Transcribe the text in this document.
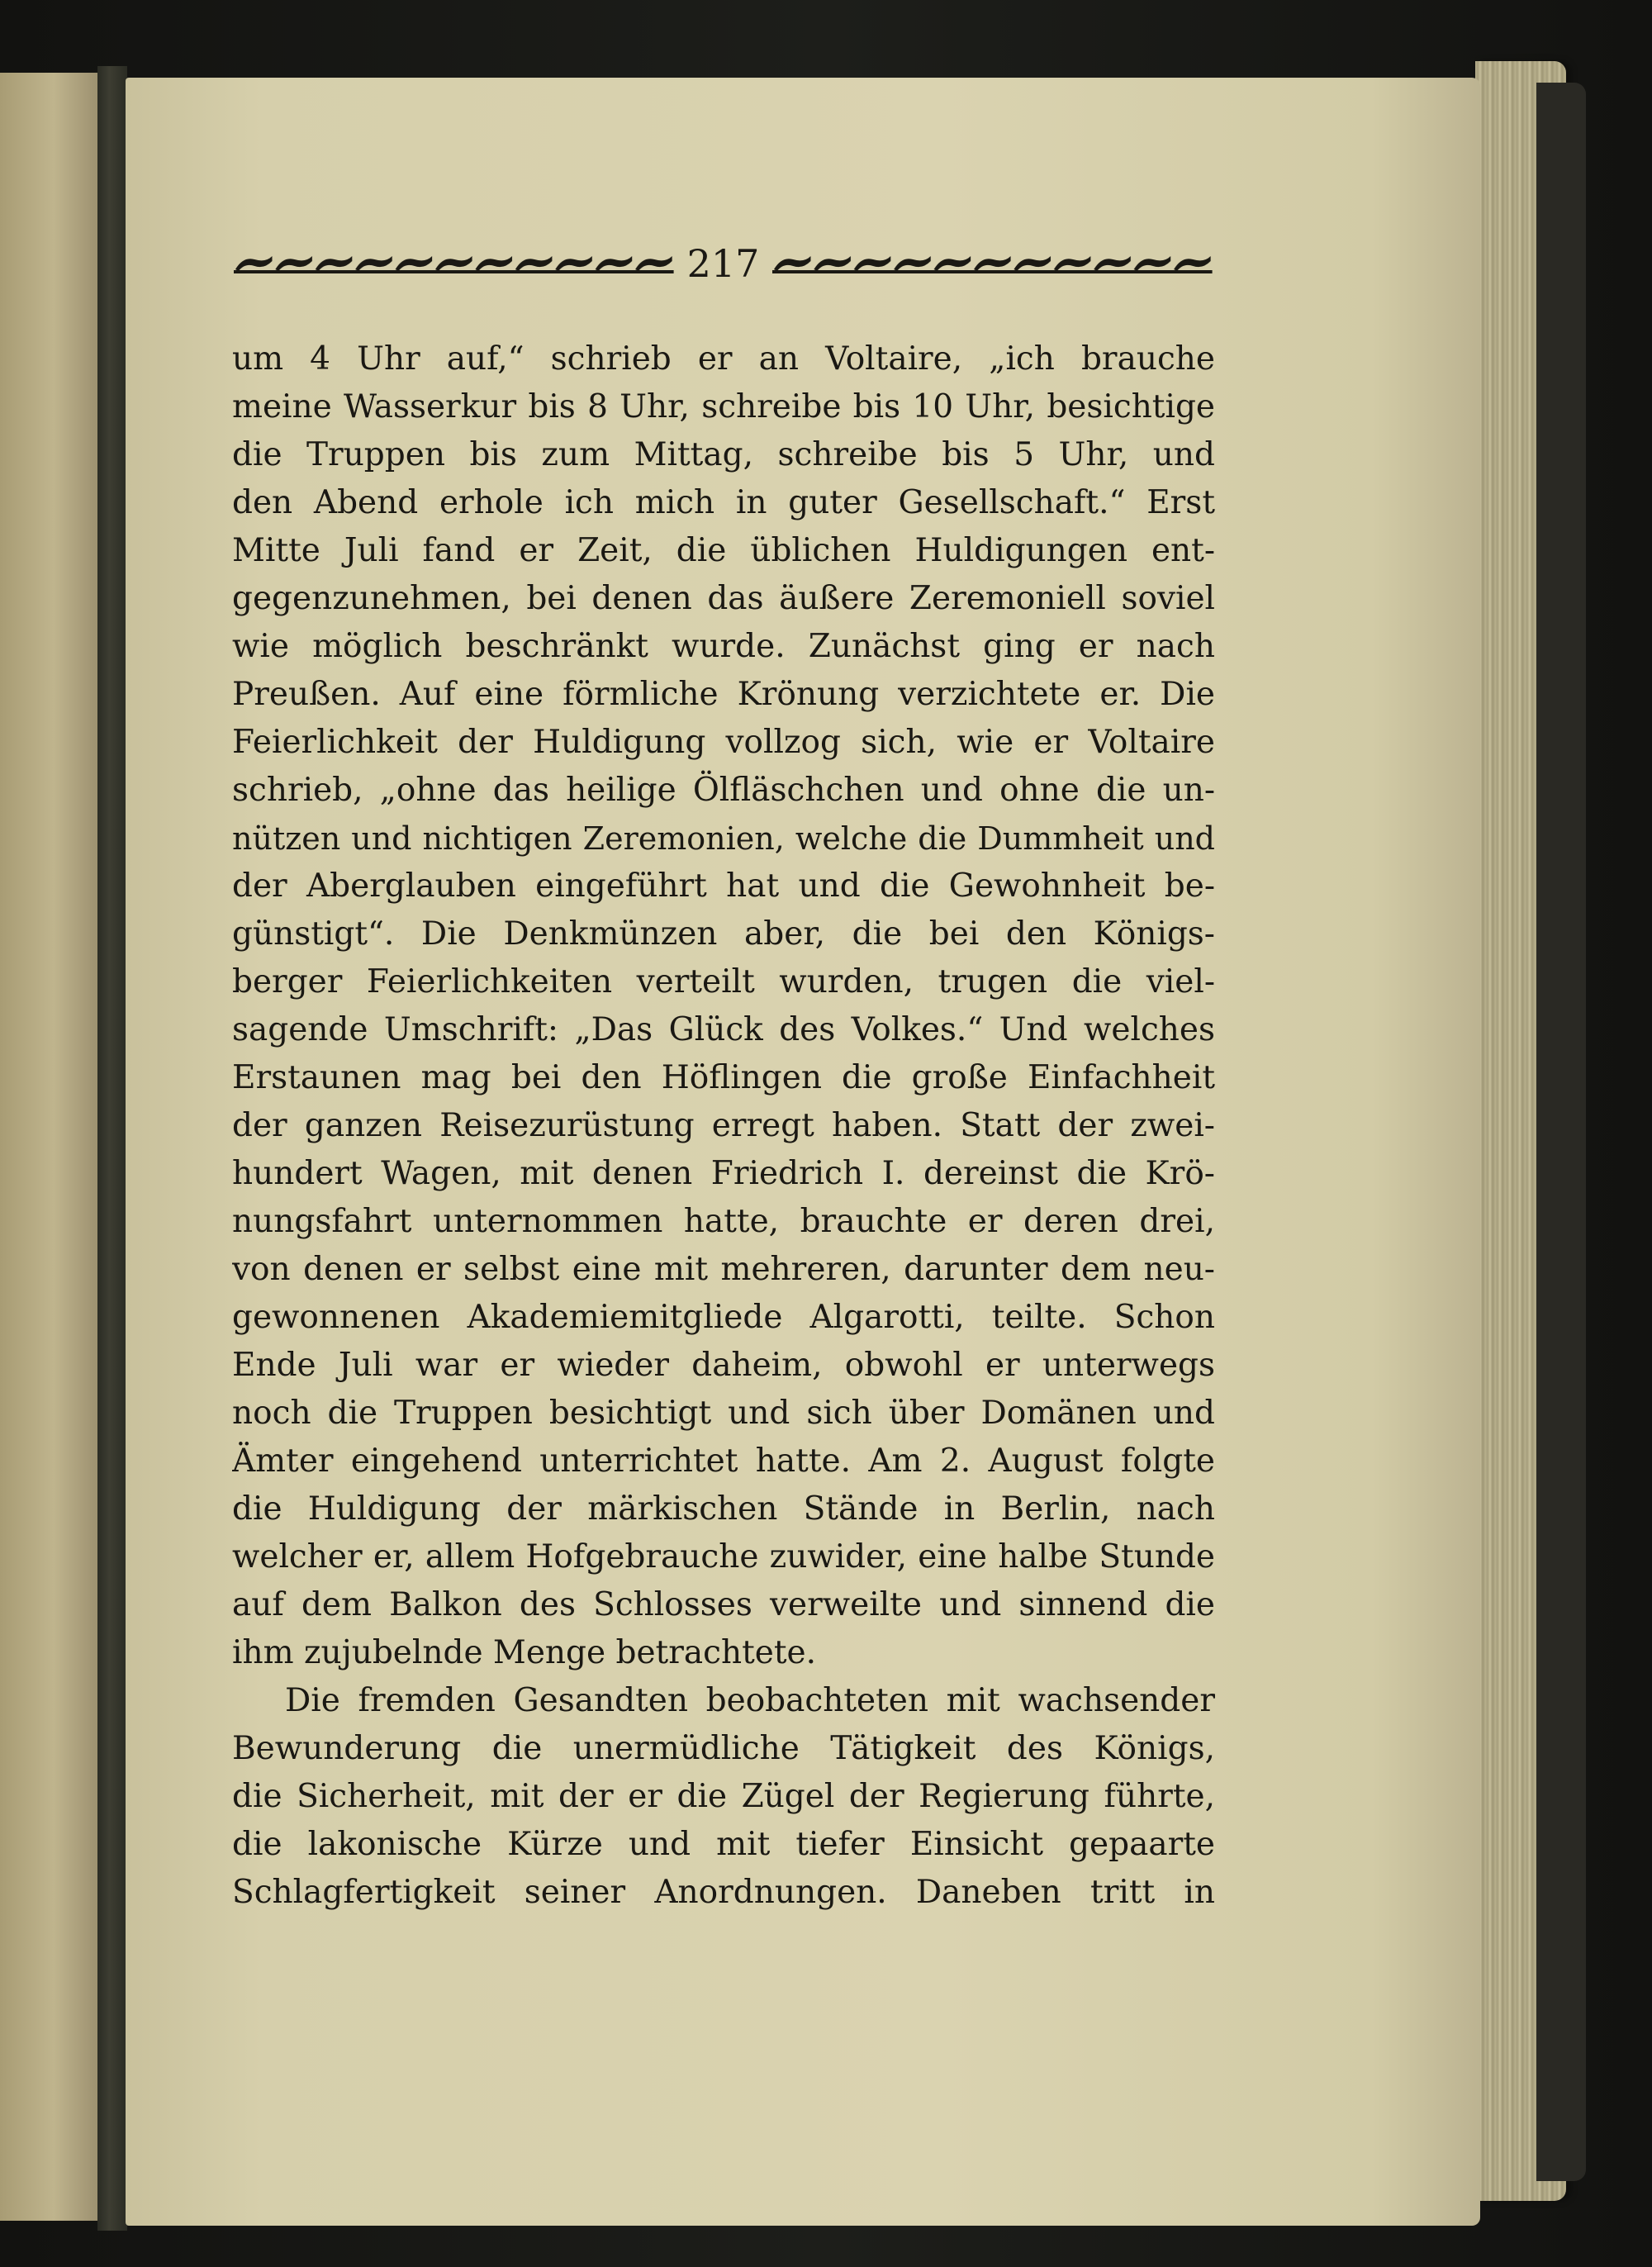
217
um 4 Uhr auf,“ schrieb er an Voltaire, „ich brauche
meine Wasserkur bis 8 Uhr, schreibe bis 10 Uhr, besichtige
die Truppen bis zum Mittag, schreibe bis 5 Uhr, und
den Abend erhole ich mich in guter Gesellschaft.“ Erst
Mitte Juli fand er Zeit, die üblichen Huldigungen ent-
gegenzunehmen, bei denen das äußere Zeremoniell soviel
wie möglich beschränkt wurde. Zunächst ging er nach
Preußen. Auf eine förmliche Krönung verzichtete er. Die
Feierlichkeit der Huldigung vollzog sich, wie er Voltaire
schrieb, „ohne das heilige Ölfläschchen und ohne die un-
nützen und nichtigen Zeremonien, welche die Dummheit und
der Aberglauben eingeführt hat und die Gewohnheit be-
günstigt“. Die Denkmünzen aber, die bei den Königs-
berger Feierlichkeiten verteilt wurden, trugen die viel-
sagende Umschrift: „Das Glück des Volkes.“ Und welches
Erstaunen mag bei den Höflingen die große Einfachheit
der ganzen Reisezurüstung erregt haben. Statt der zwei-
hundert Wagen, mit denen Friedrich I. dereinst die Krö-
nungsfahrt unternommen hatte, brauchte er deren drei,
von denen er selbst eine mit mehreren, darunter dem neu-
gewonnenen Akademiemitgliede Algarotti, teilte. Schon
Ende Juli war er wieder daheim, obwohl er unterwegs
noch die Truppen besichtigt und sich über Domänen und
Ämter eingehend unterrichtet hatte. Am 2. August folgte
die Huldigung der märkischen Stände in Berlin, nach
welcher er, allem Hofgebrauche zuwider, eine halbe Stunde
auf dem Balkon des Schlosses verweilte und sinnend die
ihm zujubelnde Menge betrachtete.
Die fremden Gesandten beobachteten mit wachsender
Bewunderung die unermüdliche Tätigkeit des Königs,
die Sicherheit, mit der er die Zügel der Regierung führte,
die lakonische Kürze und mit tiefer Einsicht gepaarte
Schlagfertigkeit seiner Anordnungen. Daneben tritt in
